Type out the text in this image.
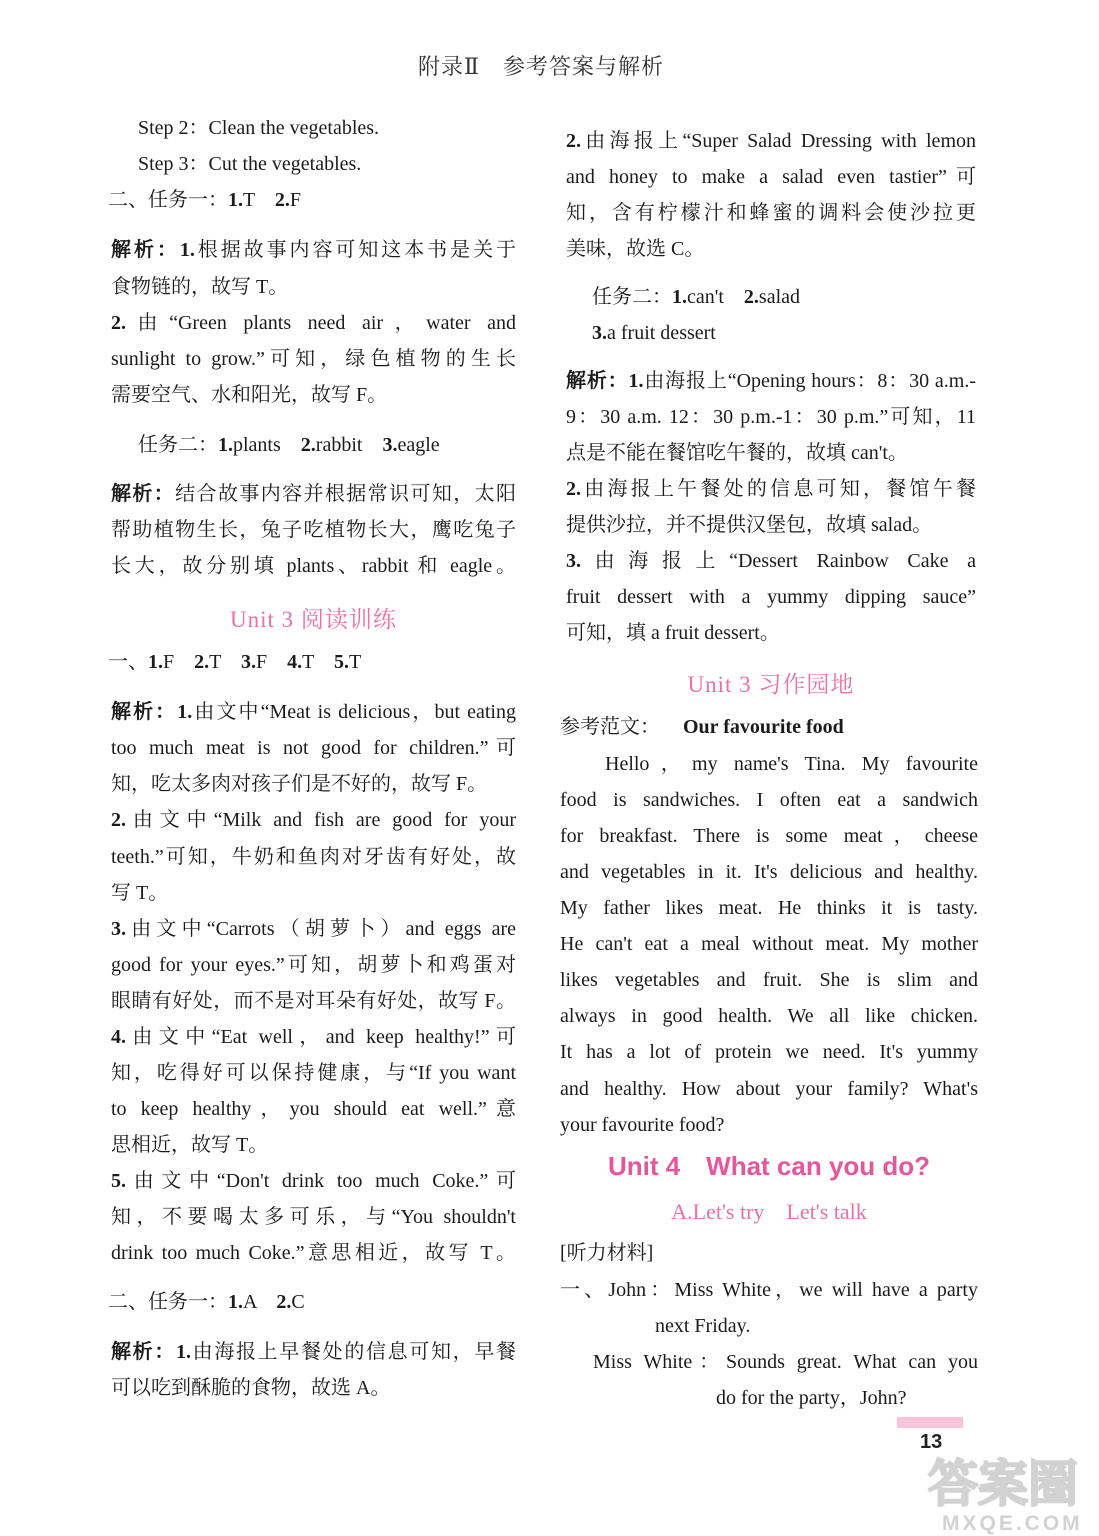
附录Ⅱ　参考答案与解析
Step 2：Clean the vegetables.
Step 3：Cut the vegetables.
二、任务一：1.T　2.F
解析：1.根据故事内容可知这本书是关于
食物链的，故写 T。
2.由“Green plants need air，water and
sunlight to grow.”可知，绿色植物的生长
需要空气、水和阳光，故写 F。
任务二：1.plants　2.rabbit　3.eagle
解析：结合故事内容并根据常识可知，太阳
帮助植物生长，兔子吃植物长大，鹰吃兔子
长大，故分别填 plants、rabbit 和 eagle。
Unit 3 阅读训练
一、1.F　2.T　3.F　4.T　5.T
解析：1.由文中“Meat is delicious，but eating
too much meat is not good for children.”可
知，吃太多肉对孩子们是不好的，故写 F。
2.由文中“Milk and fish are good for your
teeth.”可知，牛奶和鱼肉对牙齿有好处，故
写 T。
3.由文中“Carrots（胡萝卜）and eggs are
good for your eyes.”可知，胡萝卜和鸡蛋对
眼睛有好处，而不是对耳朵有好处，故写 F。
4.由文中“Eat well，and keep healthy!”可
知，吃得好可以保持健康，与“If you want
to keep healthy，you should eat well.”意
思相近，故写 T。
5.由文中“Don't drink too much Coke.”可
知，不要喝太多可乐，与“You shouldn't
drink too much Coke.”意思相近，故写 T。
二、任务一：1.A　2.C
解析：1.由海报上早餐处的信息可知，早餐
可以吃到酥脆的食物，故选 A。
2.由海报上“Super Salad Dressing with lemon
and honey to make a salad even tastier”可
知，含有柠檬汁和蜂蜜的调料会使沙拉更
美味，故选 C。
任务二：1.can't　2.salad
3.a fruit dessert
解析：1.由海报上“Opening hours：8：30 a.m.-
9：30 a.m. 12：30 p.m.-1：30 p.m.”可知，11
点是不能在餐馆吃午餐的，故填 can't。
2.由海报上午餐处的信息可知，餐馆午餐
提供沙拉，并不提供汉堡包，故填 salad。
3.由海报上“Dessert Rainbow Cake a
fruit dessert with a yummy dipping sauce”
可知，填 a fruit dessert。
Unit 3 习作园地
参考范文： Our favourite food
Hello，my name's Tina. My favourite
food is sandwiches. I often eat a sandwich
for breakfast. There is some meat，cheese
and vegetables in it. It's delicious and healthy.
My father likes meat. He thinks it is tasty.
He can't eat a meal without meat. My mother
likes vegetables and fruit. She is slim and
always in good health. We all like chicken.
It has a lot of protein we need. It's yummy
and healthy. How about your family? What's
your favourite food?
Unit 4　What can you do?
A.Let's try　Let's talk
[听力材料]
一、John：Miss White，we will have a party
next Friday.
Miss White：Sounds great. What can you
do for the party，John?
13
答案圈
MXQE.COM
